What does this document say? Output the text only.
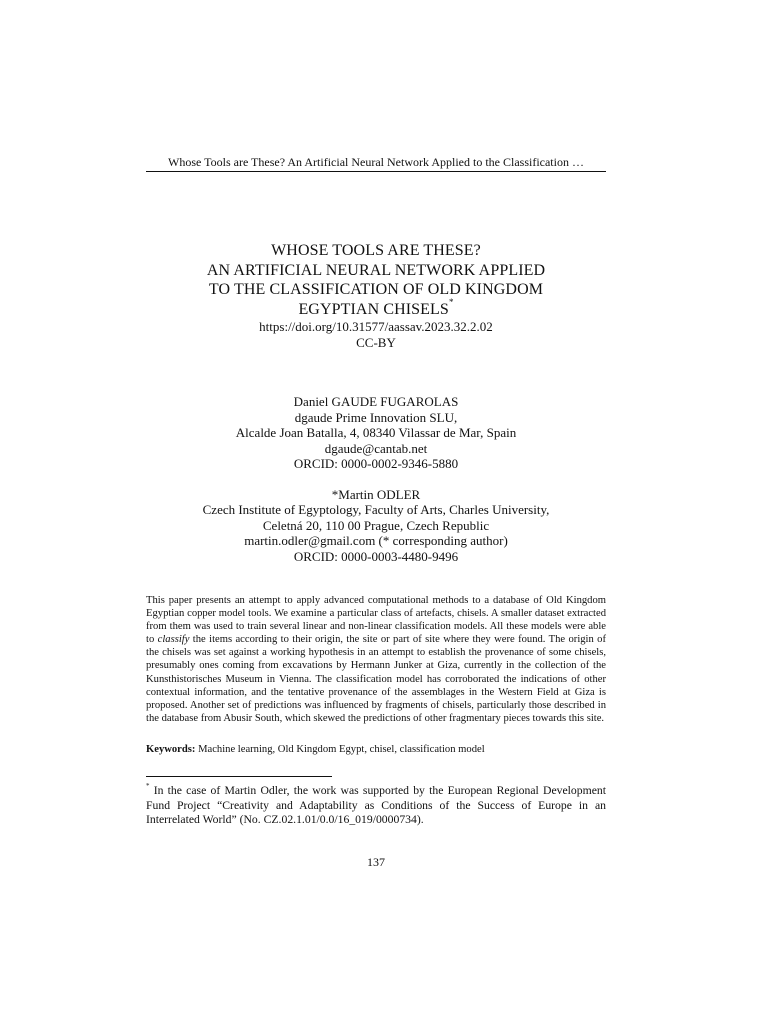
Whose Tools are These? An Artificial Neural Network Applied to the Classification …
WHOSE TOOLS ARE THESE?
AN ARTIFICIAL NEURAL NETWORK APPLIED
TO THE CLASSIFICATION OF OLD KINGDOM
EGYPTIAN CHISELS*
https://doi.org/10.31577/aassav.2023.32.2.02
CC-BY
Daniel GAUDE FUGAROLAS
dgaude Prime Innovation SLU,
Alcalde Joan Batalla, 4, 08340 Vilassar de Mar, Spain
dgaude@cantab.net
ORCID: 0000-0002-9346-5880
*Martin ODLER
Czech Institute of Egyptology, Faculty of Arts, Charles University,
Celetná 20, 110 00 Prague, Czech Republic
martin.odler@gmail.com (* corresponding author)
ORCID: 0000-0003-4480-9496

This paper presents an attempt to apply advanced computational methods to a database of Old Kingdom Egyptian copper model tools. We examine a particular class of artefacts, chisels. A smaller dataset extracted from them was used to train several linear and non-linear classification models. All these models were able to classify the items according to their origin, the site or part of site where they were found. The origin of the chisels was set against a working hypothesis in an attempt to establish the provenance of some chisels, presumably ones coming from excavations by Hermann Junker at Giza, currently in the collection of the Kunsthistorisches Museum in Vienna. The classification model has corroborated the indications of other contextual information, and the tentative provenance of the assemblages in the Western Field at Giza is proposed. Another set of predictions was influenced by fragments of chisels, particularly those described in the database from Abusir South, which skewed the predictions of other fragmentary pieces towards this site.

Keywords: Machine learning, Old Kingdom Egypt, chisel, classification model

* In the case of Martin Odler, the work was supported by the European Regional Development Fund Project “Creativity and Adaptability as Conditions of the Success of Europe in an Interrelated World” (No. CZ.02.1.01/0.0/16_019/0000734).

137
